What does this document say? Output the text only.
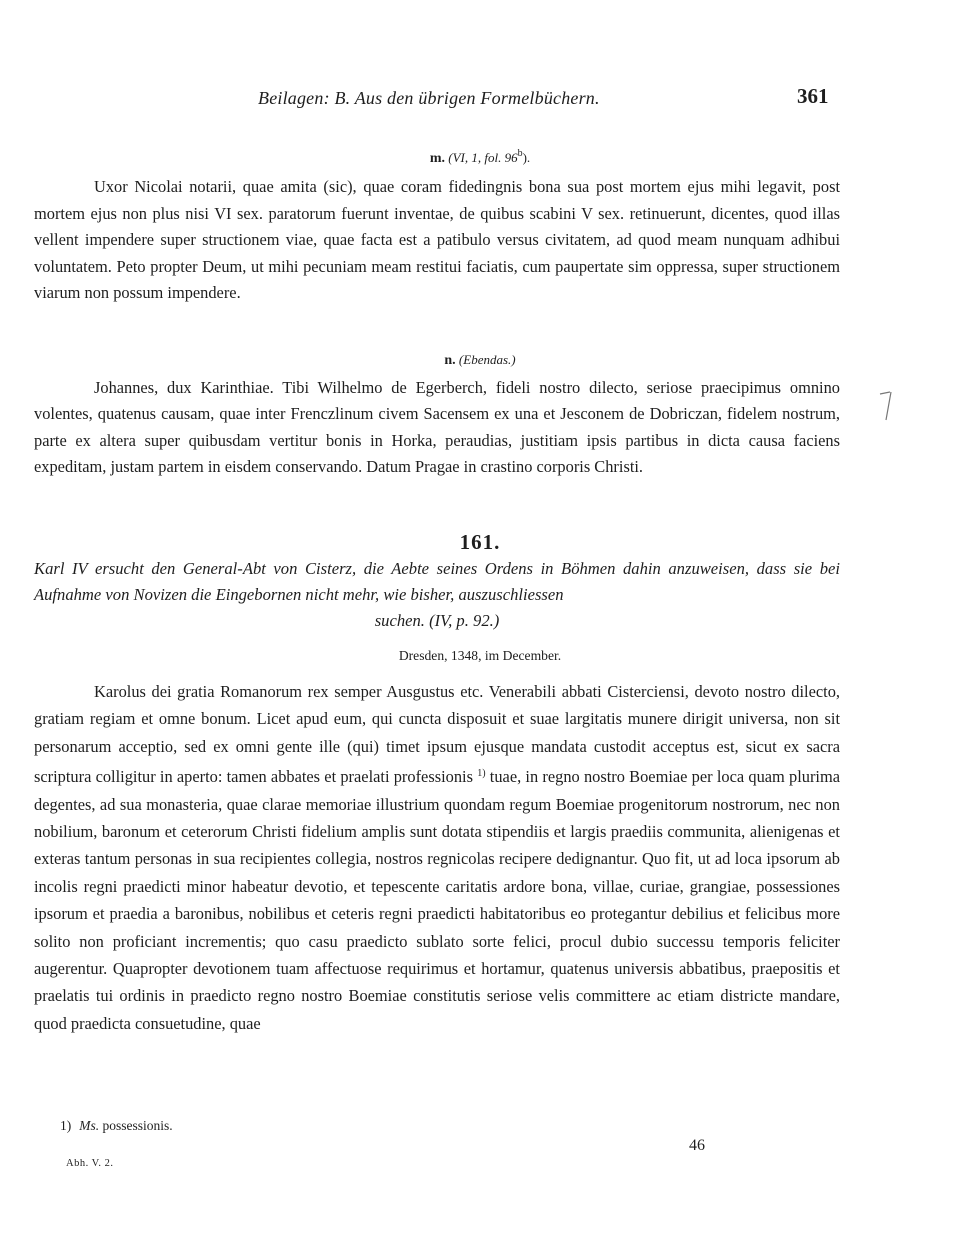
Beilagen: B. Aus den übrigen Formelbüchern.	361
m. (VI, 1, fol. 96$^b$).

Uxor Nicolai notarii, quae amita (sic), quae coram fidedingnis bona sua post mortem ejus mihi legavit, post mortem ejus non plus nisi VI sex. paratorum fuerunt inventae, de quibus scabini V sex. retinuerunt, dicentes, quod illas vellent impendere super structionem viae, quae facta est a patibulo versus civitatem, ad quod meam nunquam adhibui voluntatem. Peto propter Deum, ut mihi pecuniam meam restitui faciatis, cum paupertate sim oppressa, super structionem viarum non possum impendere.

n. (Ebendas.)

Johannes, dux Karinthiae. Tibi Wilhelmo de Egerberch, fideli nostro dilecto, seriose praecipimus omnino volentes, quatenus causam, quae inter Frenczlinum civem Sacensem ex una et Jesconem de Dobriczan, fidelem nostrum, parte ex altera super quibusdam vertitur bonis in Horka, peraudias, justitiam ipsis partibus in dicta causa faciens expeditam, justam partem in eisdem conservando. Datum Pragae in crastino corporis Christi.

161.
Karl IV ersucht den General-Abt von Cisterz, die Aebte seines Ordens in Böhmen dahin anzuweisen, dass sie bei Aufnahme von Novizen die Eingebornen nicht mehr, wie bisher, auszuschliessen
suchen. (IV, p. 92.)
Dresden, 1348, im December.

Karolus dei gratia Romanorum rex semper Ausgustus etc. Venerabili abbati Cisterciensi, devoto nostro dilecto, gratiam regiam et omne bonum. Licet apud eum, qui cuncta disposuit et suae largitatis munere dirigit universa, non sit personarum acceptio, sed ex omni gente ille (qui) timet ipsum ejusque mandata custodit acceptus est, sicut ex sacra scriptura colligitur in aperto: tamen abbates et praelati professionis $^{1)}$ tuae, in regno nostro Boemiae per loca quam plurima degentes, ad sua monasteria, quae clarae memoriae illustrium quondam regum Boemiae progenitorum nostrorum, nec non nobilium, baronum et ceterorum Christi fidelium amplis sunt dotata stipendiis et largis praediis communita, alienigenas et exteras tantum personas in sua recipientes collegia, nostros regnicolas recipere dedignantur. Quo fit, ut ad loca ipsorum ab incolis regni praedicti minor habeatur devotio, et tepescente caritatis ardore bona, villae, curiae, grangiae, possessiones ipsorum et praedia a baronibus, nobilibus et ceteris regni praedicti habitatoribus eo protegantur debilius et felicibus more solito non proficiant incrementis; quo casu praedicto sublato sorte felici, procul dubio successu temporis feliciter augerentur. Quapropter devotionem tuam affectuose requirimus et hortamur, quatenus universis abbatibus, praepositis et praelatis tui ordinis in praedicto regno nostro Boemiae constitutis seriose velis committere ac etiam districte mandare, quod praedicta consuetudine, quae

1) Ms. possessionis.
46
Abh. V. 2.
